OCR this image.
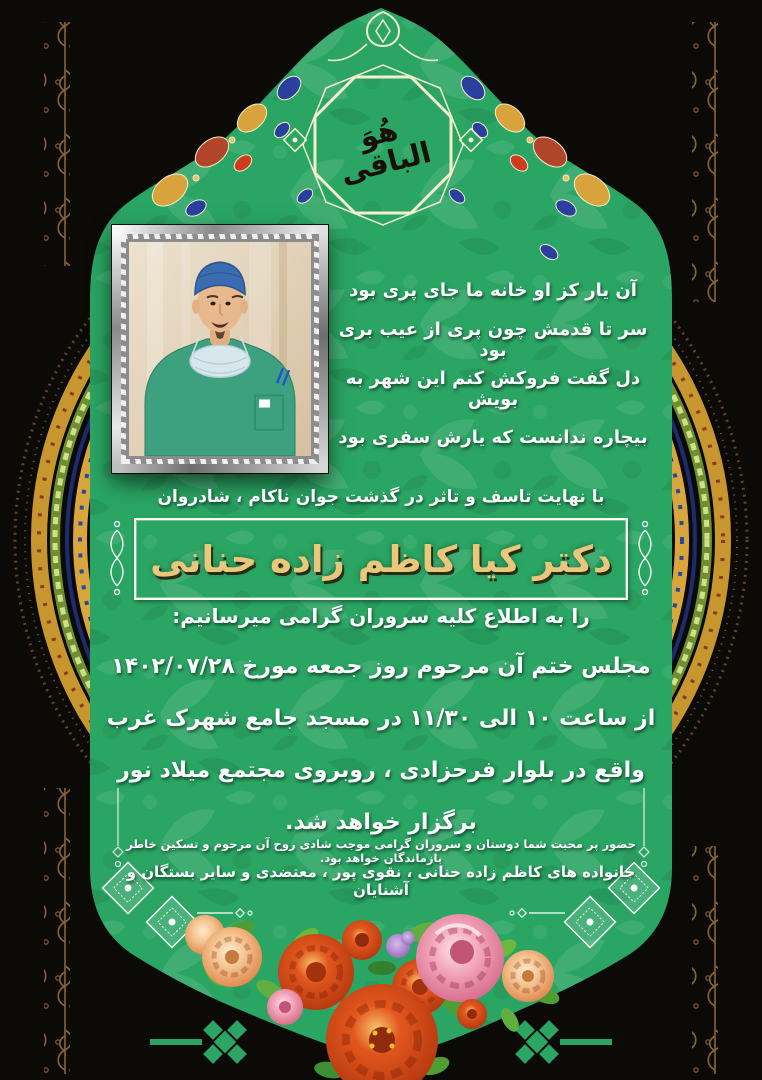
هُوَ الباقی
آن یار کز او خانه ما جای پری بود
سر تا قدمش چون پری از عیب بری بود
دل گفت فروکش کنم این شهر به بویش
بیچاره ندانست که یارش سفری بود
با نهایت تاسف و تاثر در گذشت جوان ناکام ، شادروان
دکتر کیا کاظم زاده حنانی
را به اطلاع کلیه سروران گرامی میرسانیم:
مجلس ختم آن مرحوم روز جمعه مورخ ۱۴۰۲/۰۷/۲۸
از ساعت ۱۰ الی ۱۱/۳۰ در مسجد جامع شهرک غرب
واقع در بلوار فرحزادی ، روبروی مجتمع میلاد نور
برگزار خواهد شد.
حضور پر محبت شما دوستان و سروران گرامی موجب شادی روح آن مرحوم و تسکین خاطر بازماندگان خواهد بود.
خانواده های کاظم زاده حنانی ، نقوی پور ، معتضدی و سایر بستگان و آشنایان
